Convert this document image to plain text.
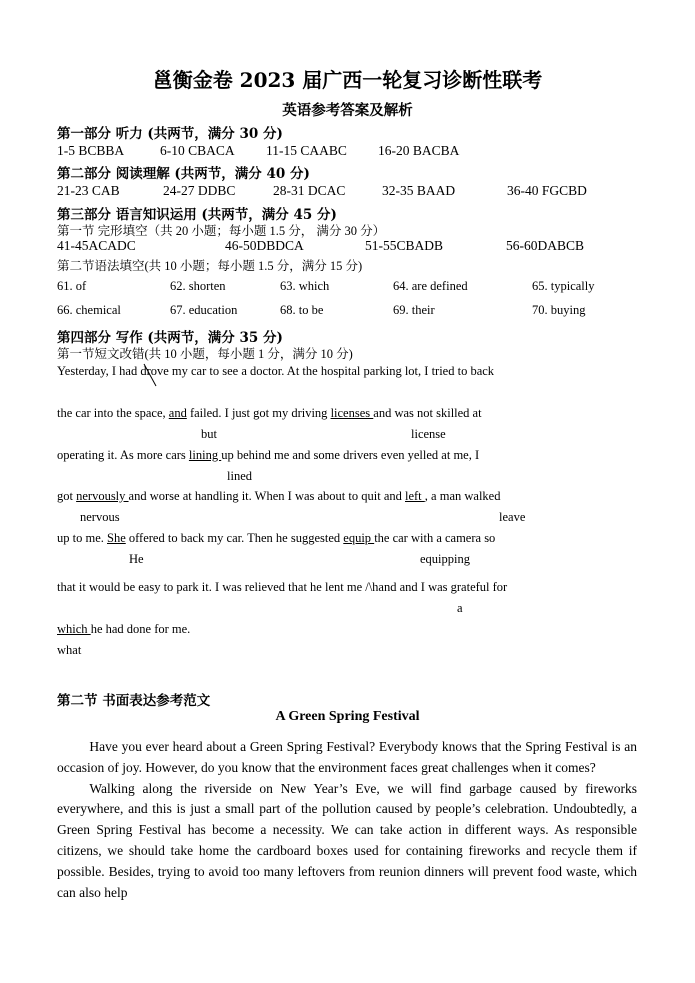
邕衡金卷 2023 届广西一轮复习诊断性联考
英语参考答案及解析
第一部分 听力 (共两节，满分 30 分)
1-5 BCBBA	6-10 CBACA 11-15 CAABC 16-20 BACBA
第二部分 阅读理解 (共两节，满分 40 分)
21-23 CAB	24-27 DDBC	28-31 DCAC	32-35 BAAD	36-40 FGCBD
第三部分 语言知识运用 (共两节，满分 45 分)
第一节 完形填空（共 20 小题；每小题 1.5 分， 满分 30 分）
41-45ACADC	46-50DBDCA	51-55CBADB	56-60DABCB
第二节语法填空(共 10 小题；每小题 1.5 分，满分 15 分)
61. of	62. shorten	63. which	64. are defined	65. typically
66. chemical	67. education	68. to be	69. their	70. buying
第四部分 写作 (共两节，满分 35 分)
第一节短文改错(共 10 小题，每小题 1 分，满分 10 分)
Yesterday, I had drove my car to see a doctor. At the hospital parking lot, I tried to back
the car into the space, and failed. I just got my driving licenses and was not skilled at
but	license
operating it. As more cars lining up behind me and some drivers even yelled at me, I
lined
got nervously and worse at handling it. When I was about to quit and left , a man walked
nervous	leave
up to me. She offered to back my car. Then he suggested equip the car with a camera so
He	equipping
that it would be easy to park it. I was relieved that he lent me /\hand and I was grateful for
a
which he had done for me.
what
第二节 书面表达参考范文
A Green Spring Festival

Have you ever heard about a Green Spring Festival? Everybody knows that the Spring Festival is an occasion of joy. However, do you know that the environment faces great challenges when it comes?

Walking along the riverside on New Year’s Eve, we will find garbage caused by fireworks everywhere, and this is just a small part of the pollution caused by people’s celebration. Undoubtedly, a Green Spring Festival has become a necessity. We can take action in different ways. As responsible citizens, we should take home the cardboard boxes used for containing fireworks and recycle them if possible. Besides, trying to avoid too many leftovers from reunion dinners will prevent food waste, which can also help
